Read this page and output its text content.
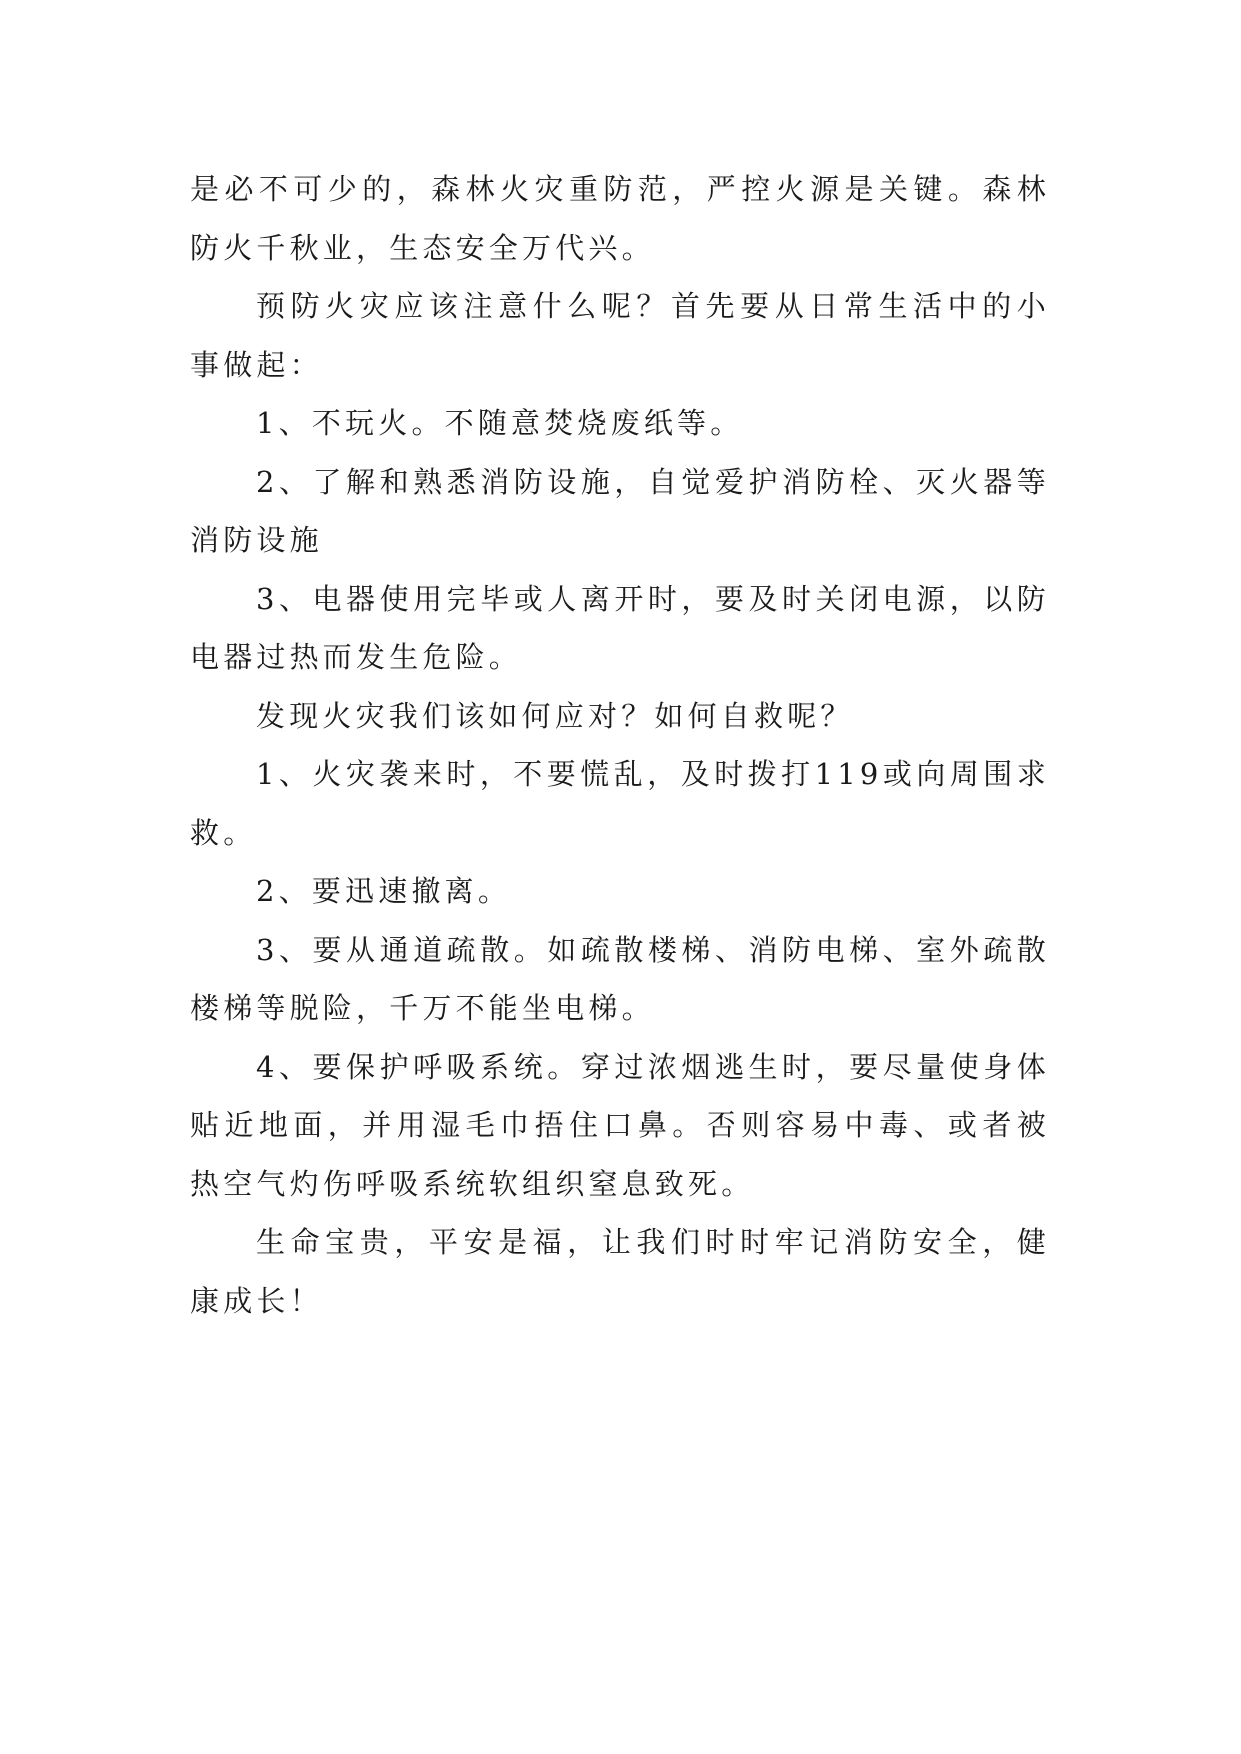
是必不可少的，森林火灾重防范，严控火源是关键。森林防火千秋业，生态安全万代兴。

预防火灾应该注意什么呢？首先要从日常生活中的小事做起：

1、不玩火。不随意焚烧废纸等。

2、了解和熟悉消防设施，自觉爱护消防栓、灭火器等消防设施

3、电器使用完毕或人离开时，要及时关闭电源，以防电器过热而发生危险。

发现火灾我们该如何应对？如何自救呢？

1、火灾袭来时，不要慌乱，及时拨打119或向周围求救。

2、要迅速撤离。

3、要从通道疏散。如疏散楼梯、消防电梯、室外疏散楼梯等脱险，千万不能坐电梯。

4、要保护呼吸系统。穿过浓烟逃生时，要尽量使身体贴近地面，并用湿毛巾捂住口鼻。否则容易中毒、或者被热空气灼伤呼吸系统软组织窒息致死。

生命宝贵，平安是福，让我们时时牢记消防安全，健康成长！
